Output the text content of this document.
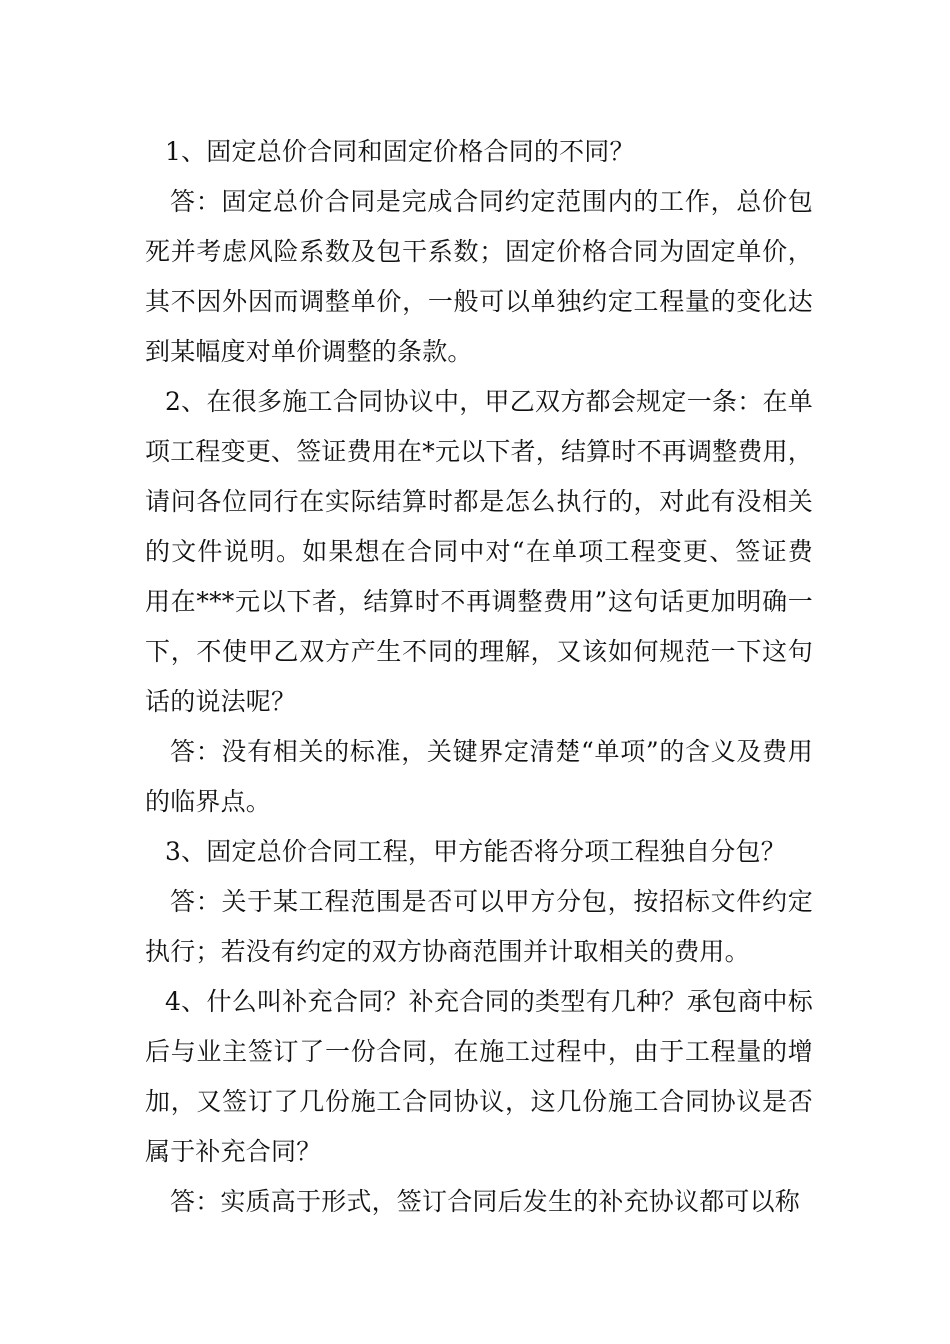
1、固定总价合同和固定价格合同的不同？

答：固定总价合同是完成合同约定范围内的工作，总价包死并考虑风险系数及包干系数；固定价格合同为固定单价，其不因外因而调整单价，一般可以单独约定工程量的变化达到某幅度对单价调整的条款。

2、在很多施工合同协议中，甲乙双方都会规定一条：在单项工程变更、签证费用在*元以下者，结算时不再调整费用，请问各位同行在实际结算时都是怎么执行的，对此有没相关的文件说明。如果想在合同中对“在单项工程变更、签证费用在***元以下者，结算时不再调整费用”这句话更加明确一下，不使甲乙双方产生不同的理解，又该如何规范一下这句话的说法呢？

答：没有相关的标准，关键界定清楚“单项”的含义及费用的临界点。

3、固定总价合同工程，甲方能否将分项工程独自分包？

答：关于某工程范围是否可以甲方分包，按招标文件约定执行；若没有约定的双方协商范围并计取相关的费用。

4、什么叫补充合同？补充合同的类型有几种？承包商中标后与业主签订了一份合同，在施工过程中，由于工程量的增加，又签订了几份施工合同协议，这几份施工合同协议是否属于补充合同？

答：实质高于形式，签订合同后发生的补充协议都可以称
